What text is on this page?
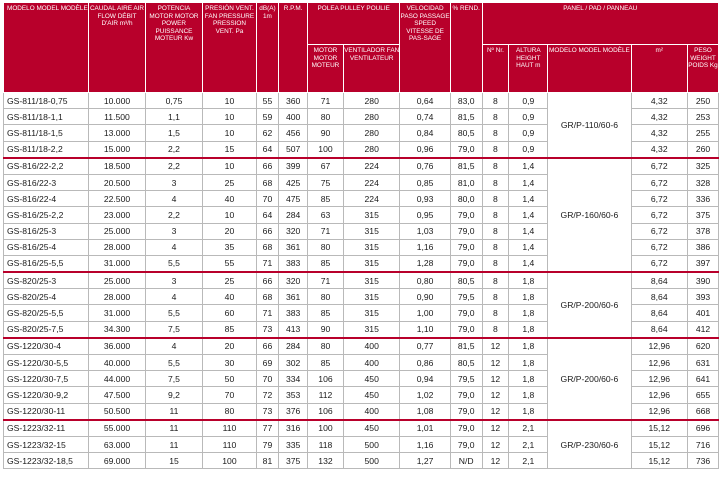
MODELO MODEL MODÈLE	CAUDAL AIRE AIR FLOW DÉBIT D'AIR m³/h	POTENCIA MOTOR MOTOR POWER PUISSANCE MOTEUR Kw	PRESIÓN VENT. FAN PRESSURE PRESSION VENT. Pa	dB(A) 1m	R.P.M.	POLEA PULLEY POULIE		VELOCIDAD PASO PASSAGE SPEED VITESSE DE PAS-SAGE	% REND.	PANEL / PAD / PANNEAU				
						MOTOR MOTOR MOTEUR	VENTILADOR FAN VENTILATEUR			Nº Nr.	ALTURA HEIGHT HAUT m	MODELO MODEL MODÈLE	m²	PESO WEIGHT POIDS Kg
GS-811/18-0,75	10.000	0,75	10	55	360	71	280	0,64	83,0	8	0,9	GR/P-110/60-6	4,32	250
GS-811/18-1,1	11.500	1,1	10	59	400	80	280	0,74	81,5	8	0,9		4,32	253
GS-811/18-1,5	13.000	1,5	10	62	456	90	280	0,84	80,5	8	0,9		4,32	255
GS-811/18-2,2	15.000	2,2	15	64	507	100	280	0,96	79,0	8	0,9		4,32	260
GS-816/22-2,2	18.500	2,2	10	66	399	67	224	0,76	81,5	8	1,4	GR/P-160/60-6	6,72	325
GS-816/22-3	20.500	3	25	68	425	75	224	0,85	81,0	8	1,4		6,72	328
GS-816/22-4	22.500	4	40	70	475	85	224	0,93	80,0	8	1,4		6,72	336
GS-816/25-2,2	23.000	2,2	10	64	284	63	315	0,95	79,0	8	1,4		6,72	375
GS-816/25-3	25.000	3	20	66	320	71	315	1,03	79,0	8	1,4		6,72	378
GS-816/25-4	28.000	4	35	68	361	80	315	1,16	79,0	8	1,4		6,72	386
GS-816/25-5,5	31.000	5,5	55	71	383	85	315	1,28	79,0	8	1,4		6,72	397
GS-820/25-3	25.000	3	25	66	320	71	315	0,80	80,5	8	1,8	GR/P-200/60-6	8,64	390
GS-820/25-4	28.000	4	40	68	361	80	315	0,90	79,5	8	1,8		8,64	393
GS-820/25-5,5	31.000	5,5	60	71	383	85	315	1,00	79,0	8	1,8		8,64	401
GS-820/25-7,5	34.300	7,5	85	73	413	90	315	1,10	79,0	8	1,8		8,64	412
GS-1220/30-4	36.000	4	20	66	284	80	400	0,77	81,5	12	1,8	GR/P-200/60-6	12,96	620
GS-1220/30-5,5	40.000	5,5	30	69	302	85	400	0,86	80,5	12	1,8		12,96	631
GS-1220/30-7,5	44.000	7,5	50	70	334	106	450	0,94	79,5	12	1,8		12,96	641
GS-1220/30-9,2	47.500	9,2	70	72	353	112	450	1,02	79,0	12	1,8		12,96	655
GS-1220/30-11	50.500	11	80	73	376	106	400	1,08	79,0	12	1,8		12,96	668
GS-1223/32-11	55.000	11	110	77	316	100	450	1,01	79,0	12	2,1	GR/P-230/60-6	15,12	696
GS-1223/32-15	63.000	11	110	79	335	118	500	1,16	79,0	12	2,1		15,12	716
GS-1223/32-18,5	69.000	15	100	81	375	132	500	1,27	N/D	12	2,1		15,12	736
